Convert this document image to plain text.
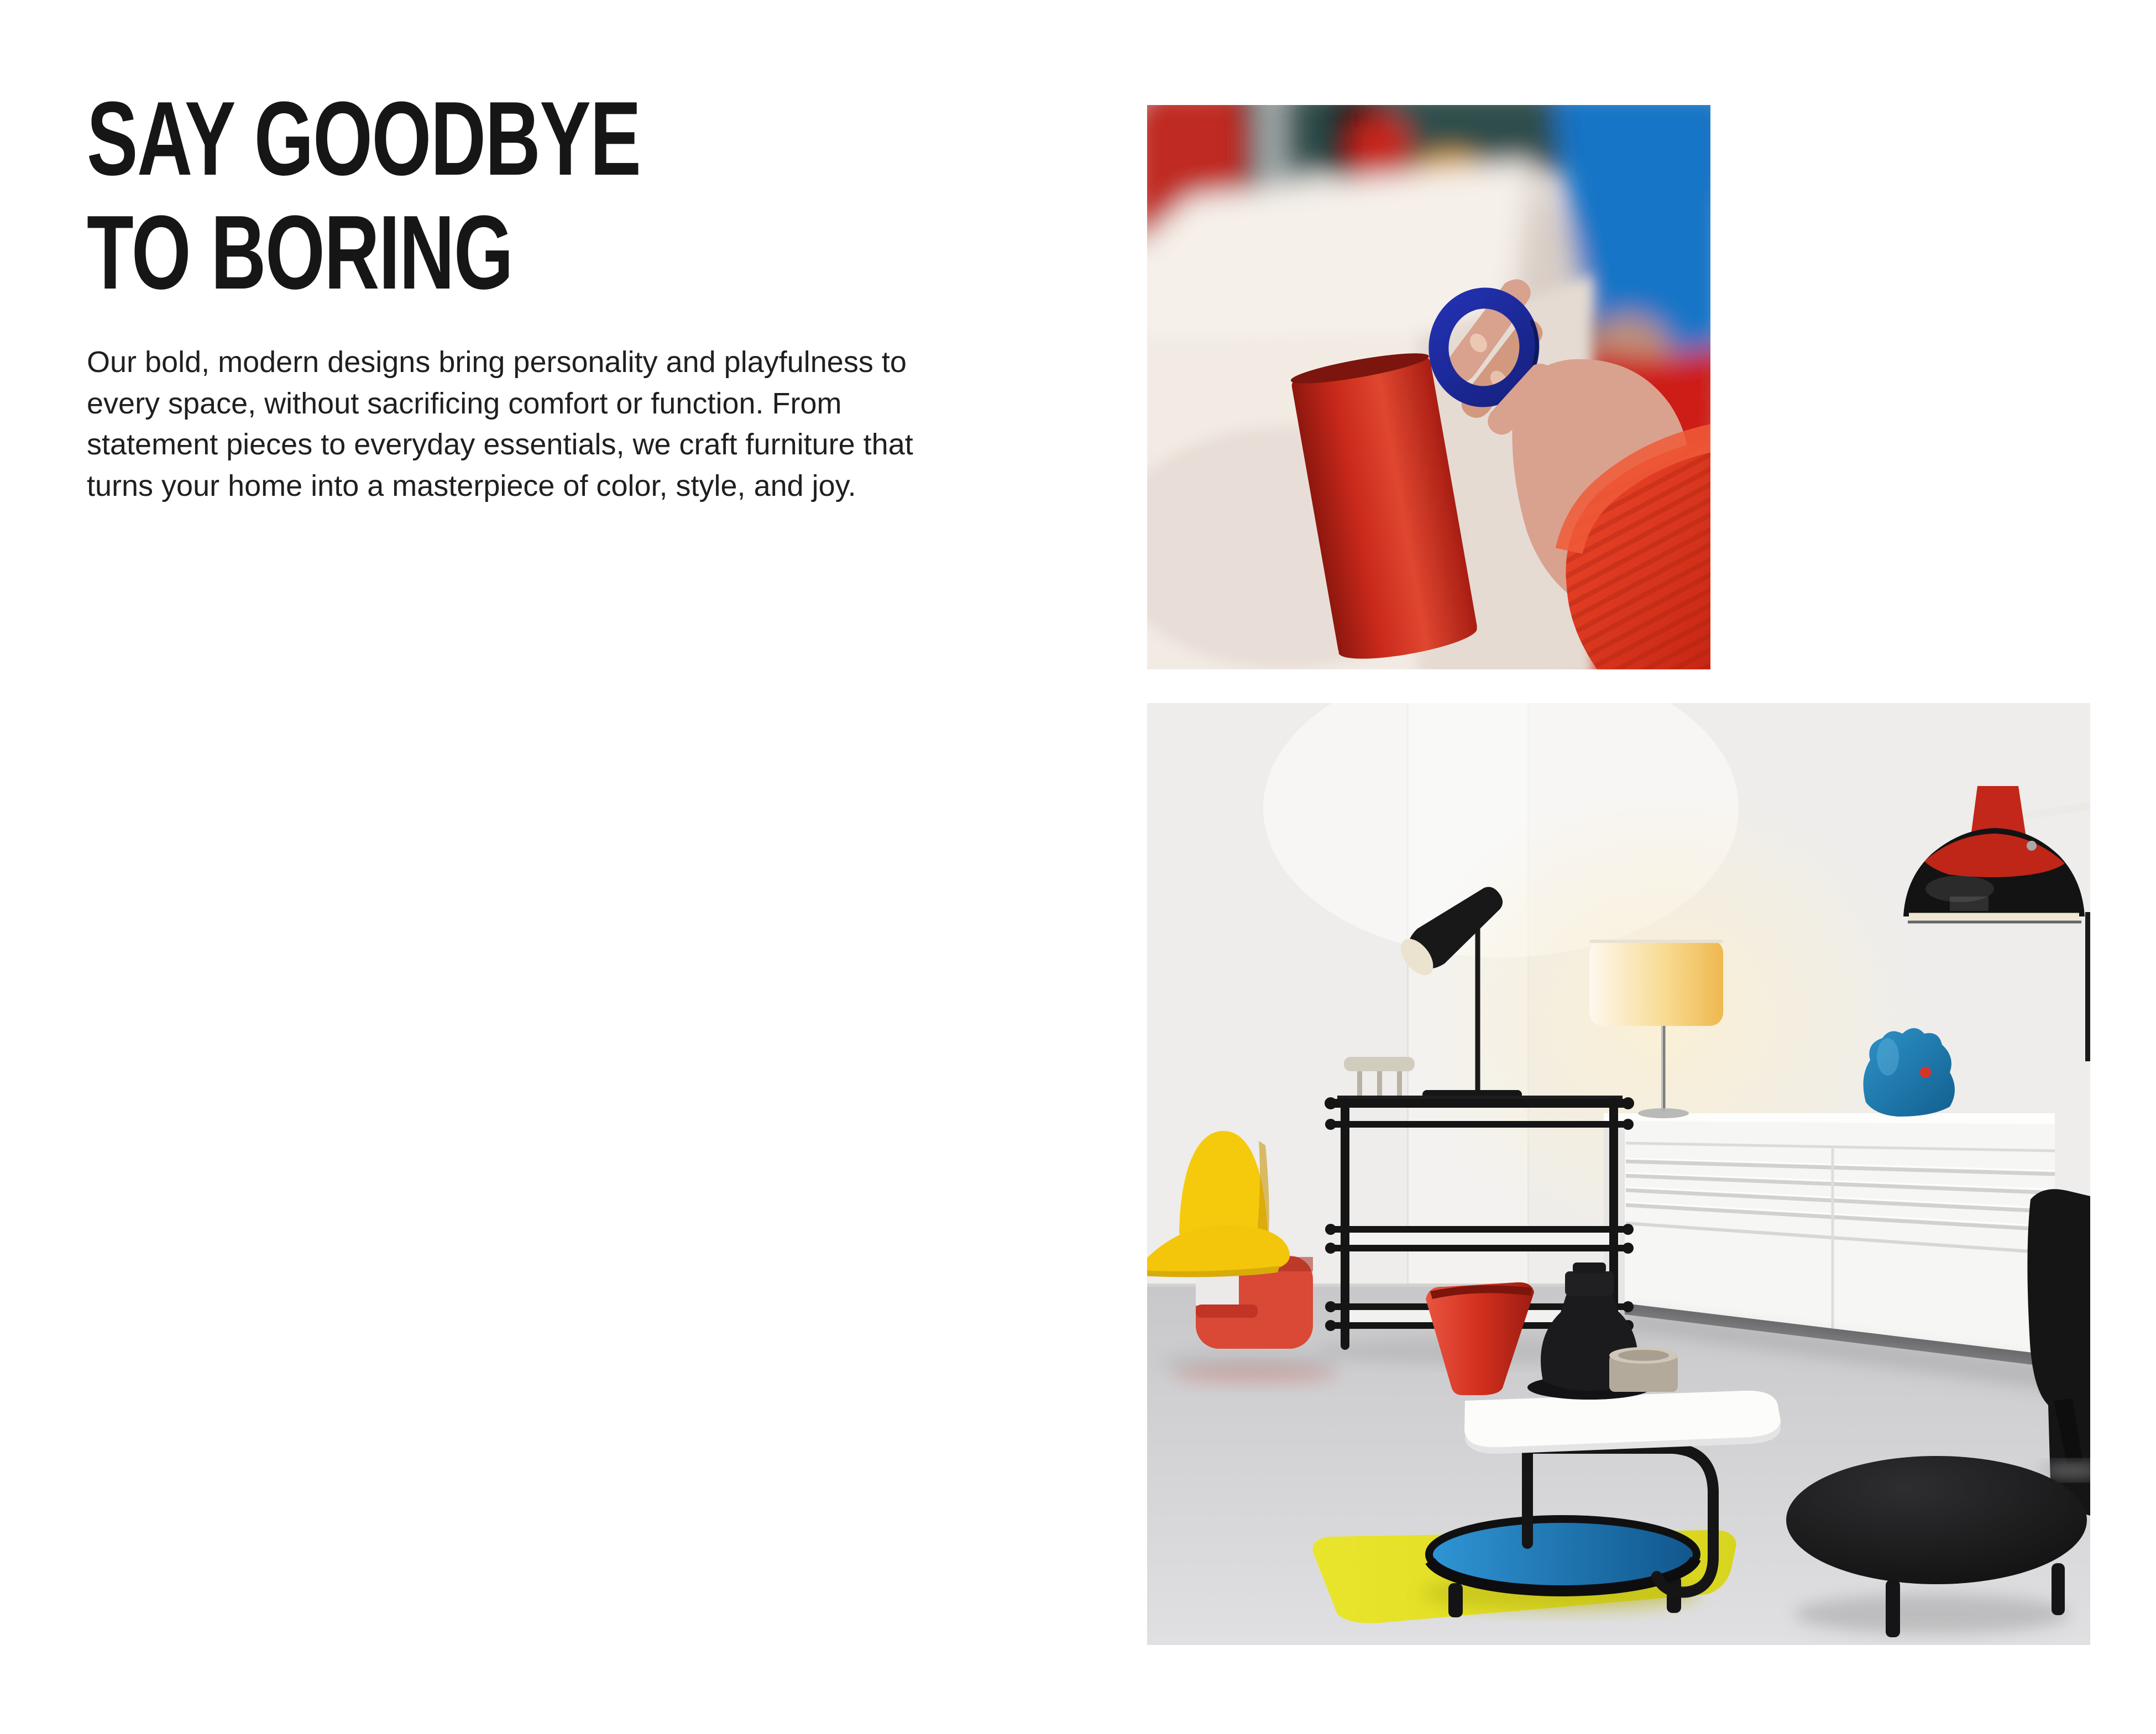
SAY GOODBYE
TO BORING

Our bold, modern designs bring personality and playfulness to
every space, without sacrificing comfort or function. From
statement pieces to everyday essentials, we craft furniture that
turns your home into a masterpiece of color, style, and joy.
